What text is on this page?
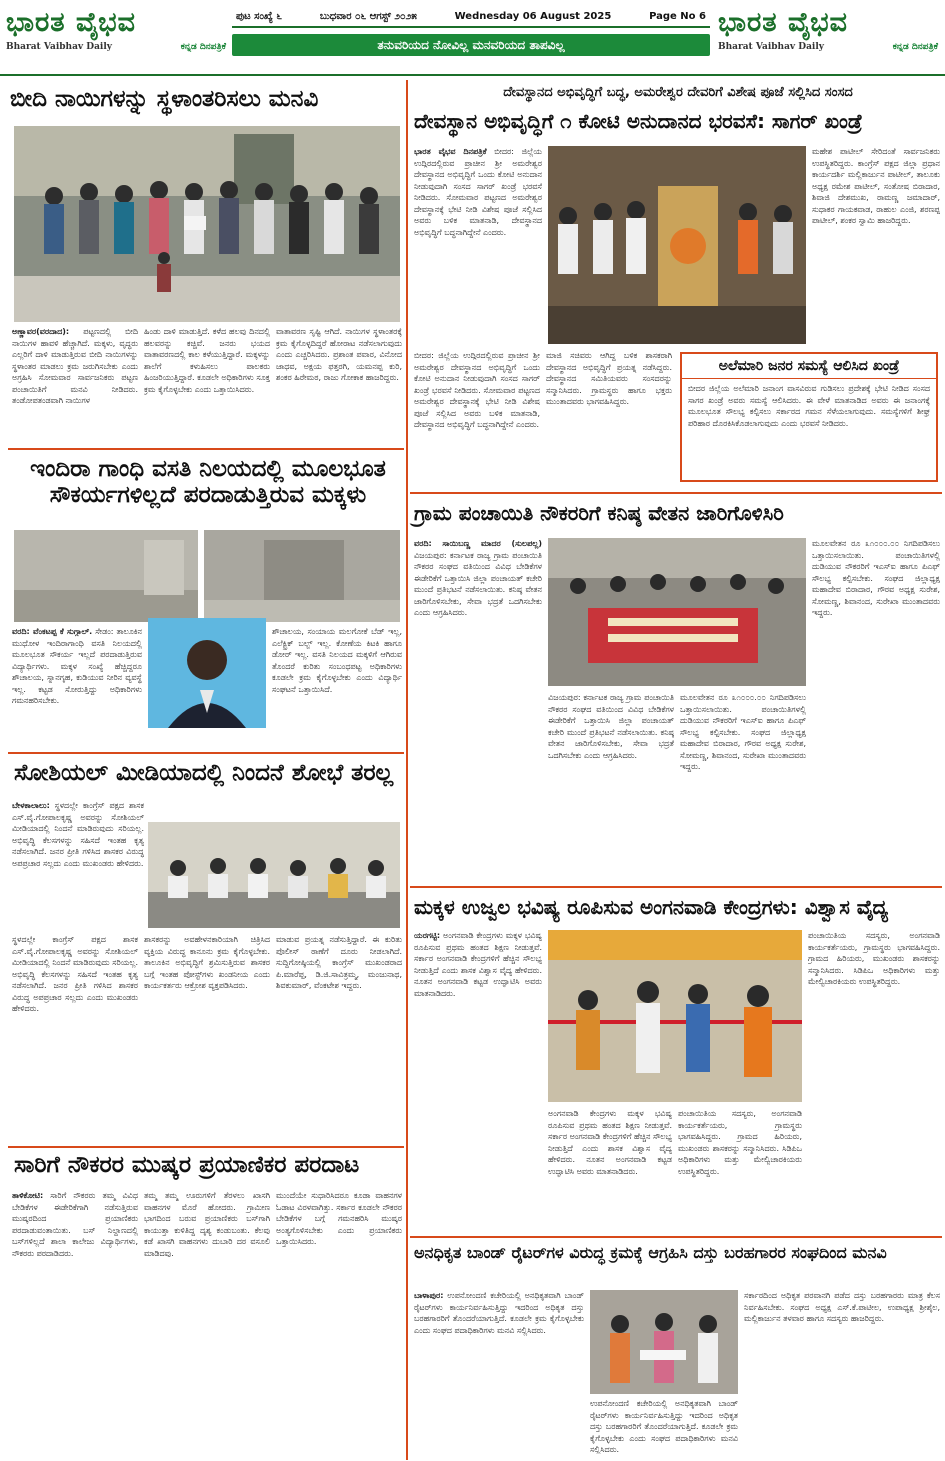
ಭಾರತ ವೈಭವ
Bharat Vaibhav Daily	ಕನ್ನಡ ದಿನಪತ್ರಿಕೆ
ಪುಟ ಸಂಖ್ಯೆ ೬	ಬುಧವಾರ ೦೬ ಆಗಸ್ಟ್ ೨೦೨೫	Wednesday 06 August 2025	Page No 6
ತನುವರಿಯದ ನೋವಿಲ್ಲ ಮನವರಿಯದ ತಾಪವಿಲ್ಲ
ಭಾರತ ವೈಭವ
Bharat Vaibhav Daily	ಕನ್ನಡ ದಿನಪತ್ರಿಕೆ
ಬೀದಿ ನಾಯಿಗಳನ್ನು ಸ್ಥಳಾಂತರಿಸಲು ಮನವಿ

ಅಣ್ಣಾವರ(ವರದಾದ): ಪಟ್ಟಣದಲ್ಲಿ ಬೀದಿ ನಾಯಿಗಳ ಹಾವಳಿ ಹೆಚ್ಚಾಗಿದೆ. ಮಕ್ಕಳು, ವೃದ್ಧರು ಎಲ್ಲರಿಗೆ ದಾಳಿ ಮಾಡುತ್ತಿರುವ ಬೀದಿ ನಾಯಿಗಳನ್ನು ಸ್ಥಳಾಂತರ ಮಾಡಲು ಕ್ರಮ ಜರುಗಿಸಬೇಕು ಎಂದು ಅಗ್ರಹಿಸಿ ಸೋಮವಾರ ಸಾರ್ವಜನಿಕರು ಪಟ್ಟಣ ಪಂಚಾಯಿತಿಗೆ ಮನವಿ ನೀಡಿದರು. ತಂಡೋಪತಂಡವಾಗಿ ನಾಯಿಗಳ

ಹಿಂಡು ದಾಳಿ ಮಾಡುತ್ತಿದೆ. ಕಳೆದ ಹಲವು ದಿನದಲ್ಲಿ ಹಲವರನ್ನು ಕಚ್ಚಿವೆ. ಜನರು ಭಯದ ವಾತಾವರಣದಲ್ಲಿ ಕಾಲ ಕಳೆಯುತ್ತಿದ್ದಾರೆ. ಮಕ್ಕಳನ್ನು ಶಾಲೆಗೆ ಕಳುಹಿಸಲು ಪಾಲಕರು ಹಿಂಜರಿಯುತ್ತಿದ್ದಾರೆ. ಕೂಡಲೇ ಅಧಿಕಾರಿಗಳು ಸೂಕ್ತ ಕ್ರಮ ಕೈಗೊಳ್ಳಬೇಕು ಎಂದು ಒತ್ತಾಯಿಸಿದರು.
ವಾತಾವರಣ ಸೃಷ್ಟಿ ಆಗಿದೆ. ನಾಯಿಗಳ ಸ್ಥಳಾಂತರಕ್ಕೆ ಕ್ರಮ ಕೈಗೊಳ್ಳದಿದ್ದರೆ ಹೋರಾಟ ನಡೆಸಲಾಗುವುದು ಎಂದು ಎಚ್ಚರಿಸಿದರು. ಪ್ರಶಾಂತ ಪವಾರ, ವಿನೋದ ಜಾಧವ, ಅಕ್ಷಯ ಫತ್ತರಗಿ, ಯಮನಪ್ಪ ಕುರಿ, ಶಂಕರ ಹಿರೇಮಠ, ರಾಜು ಗೋಕಾಕ ಹಾಜರಿದ್ದರು.
ಇಂದಿರಾ ಗಾಂಧಿ ವಸತಿ ನಿಲಯದಲ್ಲಿ ಮೂಲಭೂತ ಸೌಕರ್ಯಗಳಿಲ್ಲದೆ ಪರದಾಡುತ್ತಿರುವ ಮಕ್ಕಳು

ವರದಿ: ವೆಂಕಟಪ್ಪ ಕೆ ಸುಗ್ಗಾಲ್. ಸೇಡಂ: ತಾಲೂಕಿನ ಮುಧೋಳ ಇಂದಿರಾಗಾಂಧಿ ವಸತಿ ನಿಲಯದಲ್ಲಿ ಮೂಲಭೂತ ಸೌಕರ್ಯ ಇಲ್ಲದೆ ಪರದಾಡುತ್ತಿರುವ ವಿದ್ಯಾರ್ಥಿಗಳು. ಮಕ್ಕಳ ಸಂಖ್ಯೆ ಹೆಚ್ಚಿದ್ದರೂ ಶೌಚಾಲಯ, ಸ್ನಾನಗೃಹ, ಕುಡಿಯುವ ನೀರಿನ ವ್ಯವಸ್ಥೆ ಇಲ್ಲ. ಕಟ್ಟಡ ಸೋರುತ್ತಿದ್ದು ಅಧಿಕಾರಿಗಳು ಗಮನಹರಿಸಬೇಕು.

ಶೌಚಾಲಯ, ಸಂಯಾಯ ಮಲಗೋಕೆ ಬೆಡ್ ಇಲ್ಲ, ಎಲೆಕ್ಟ್ರಿಕ್ ಬಲ್ಬ್ ಇಲ್ಲ. ಕೋಣೆಯ ಕಿಟಕಿ ಹಾಗೂ ಡೋರ್ ಇಲ್ಲ. ವಸತಿ ನಿಲಯದ ಮಕ್ಕಳಿಗೆ ಆಗಿರುವ ತೊಂದರೆ ಕುರಿತು ಸಂಬಂಧಪಟ್ಟ ಅಧಿಕಾರಿಗಳು ಕೂಡಲೇ ಕ್ರಮ ಕೈಗೊಳ್ಳಬೇಕು ಎಂದು ವಿದ್ಯಾರ್ಥಿ ಸಂಘಟನೆ ಒತ್ತಾಯಿಸಿದೆ.
ಸೋಶಿಯಲ್ ಮೀಡಿಯಾದಲ್ಲಿ ನಿಂದನೆ ಶೋಭೆ ತರಲ್ಲ

ಬೇಳಕಾಲಾಲು: ಸ್ಥಳದಲ್ಲೇ ಕಾಂಗ್ರೆಸ್ ಪಕ್ಷದ ಶಾಸಕ ಎಸ್.ವೈ.ಗೋಪಾಲಕೃಷ್ಣ ಅವರನ್ನು ಸೋಶಿಯಲ್ ಮೀಡಿಯಾದಲ್ಲಿ ನಿಂದನೆ ಮಾಡಿರುವುದು ಸರಿಯಲ್ಲ. ಅಭಿವೃದ್ಧಿ ಕೆಲಸಗಳನ್ನು ಸಹಿಸದೆ ಇಂತಹ ಕೃತ್ಯ ನಡೆಸಲಾಗಿದೆ. ಜನರ ಪ್ರೀತಿ ಗಳಿಸಿದ ಶಾಸಕರ ವಿರುದ್ಧ ಅಪಪ್ರಚಾರ ಸಲ್ಲದು ಎಂದು ಮುಖಂಡರು ಹೇಳಿದರು.

ಸ್ಥಳದಲ್ಲೇ ಕಾಂಗ್ರೆಸ್ ಪಕ್ಷದ ಶಾಸಕ ಎಸ್.ವೈ.ಗೋಪಾಲಕೃಷ್ಣ ಅವರನ್ನು ಸೋಶಿಯಲ್ ಮೀಡಿಯಾದಲ್ಲಿ ನಿಂದನೆ ಮಾಡಿರುವುದು ಸರಿಯಲ್ಲ. ಅಭಿವೃದ್ಧಿ ಕೆಲಸಗಳನ್ನು ಸಹಿಸದೆ ಇಂತಹ ಕೃತ್ಯ ನಡೆಸಲಾಗಿದೆ. ಜನರ ಪ್ರೀತಿ ಗಳಿಸಿದ ಶಾಸಕರ ವಿರುದ್ಧ ಅಪಪ್ರಚಾರ ಸಲ್ಲದು ಎಂದು ಮುಖಂಡರು ಹೇಳಿದರು.
ಶಾಸಕರನ್ನು ಅವಹೇಳನಕಾರಿಯಾಗಿ ಚಿತ್ರಿಸಿದ ವ್ಯಕ್ತಿಯ ವಿರುದ್ಧ ಕಾನೂನು ಕ್ರಮ ಕೈಗೊಳ್ಳಬೇಕು. ತಾಲೂಕಿನ ಅಭಿವೃದ್ಧಿಗೆ ಶ್ರಮಿಸುತ್ತಿರುವ ಶಾಸಕರ ಬಗ್ಗೆ ಇಂತಹ ಪೋಸ್ಟ್‌ಗಳು ಖಂಡನೀಯ ಎಂದು ಕಾರ್ಯಕರ್ತರು ಆಕ್ರೋಶ ವ್ಯಕ್ತಪಡಿಸಿದರು.
ಮಾಡುವ ಪ್ರಯತ್ನ ನಡೆಸುತ್ತಿದ್ದಾರೆ. ಈ ಕುರಿತು ಪೊಲೀಸ್ ಠಾಣೆಗೆ ದೂರು ನೀಡಲಾಗಿದೆ. ಸುದ್ದಿಗೋಷ್ಠಿಯಲ್ಲಿ ಕಾಂಗ್ರೆಸ್ ಮುಖಂಡರಾದ ಪಿ.ಮಾರೆಪ್ಪ, ಡಿ.ಜಿ.ಸಾವಿತ್ರಮ್ಮ, ಮಂಜುನಾಥ, ಶಿವಕುಮಾರ್, ವೆಂಕಟೇಶ ಇದ್ದರು.
ಸಾರಿಗೆ ನೌಕರರ ಮುಷ್ಕರ ಪ್ರಯಾಣಿಕರ ಪರದಾಟ

ತಾಳಿಕೋಟಿ: ಸಾರಿಗೆ ನೌಕರರು ತಮ್ಮ ವಿವಿಧ ಬೇಡಿಕೆಗಳ ಈಡೇರಿಕೆಗಾಗಿ ನಡೆಸುತ್ತಿರುವ ಮುಷ್ಕರದಿಂದ ಪ್ರಯಾಣಿಕರು ಪರದಾಡುವಂತಾಯಿತು. ಬಸ್ ನಿಲ್ದಾಣದಲ್ಲಿ ಬಸ್‌ಗಳಿಲ್ಲದೆ ಶಾಲಾ ಕಾಲೇಜು ವಿದ್ಯಾರ್ಥಿಗಳು, ನೌಕರರು ಪರದಾಡಿದರು.

ತಮ್ಮ ತಮ್ಮ ಊರುಗಳಿಗೆ ತೆರಳಲು ಖಾಸಗಿ ವಾಹನಗಳ ಮೊರೆ ಹೋದರು. ಗ್ರಾಮೀಣ ಭಾಗದಿಂದ ಬರುವ ಪ್ರಯಾಣಿಕರು ಬಸ್‌ಗಾಗಿ ಕಾಯುತ್ತಾ ಕುಳಿತಿದ್ದ ದೃಶ್ಯ ಕಂಡುಬಂತು. ಕೆಲವು ಕಡೆ ಖಾಸಗಿ ವಾಹನಗಳು ದುಬಾರಿ ದರ ವಸೂಲಿ ಮಾಡಿದವು.
ಮುಂದೆಯೇ ಸುಧಾರಿಸಿದರೂ ಕೂಡಾ ವಾಹನಗಳ ಓಡಾಟ ವಿರಳವಾಗಿತ್ತು. ಸರ್ಕಾರ ಕೂಡಲೇ ನೌಕರರ ಬೇಡಿಕೆಗಳ ಬಗ್ಗೆ ಗಮನಹರಿಸಿ ಮುಷ್ಕರ ಅಂತ್ಯಗೊಳಿಸಬೇಕು ಎಂದು ಪ್ರಯಾಣಿಕರು ಒತ್ತಾಯಿಸಿದರು.
ದೇವಸ್ಥಾನದ ಅಭಿವೃದ್ಧಿಗೆ ಬದ್ಧ, ಅಮರೇಶ್ವರ ದೇವರಿಗೆ ವಿಶೇಷ ಪೂಜೆ ಸಲ್ಲಿಸಿದ ಸಂಸದ
ದೇವಸ್ಥಾನ ಅಭಿವೃದ್ಧಿಗೆ ೧ ಕೋಟಿ ಅನುದಾನದ ಭರವಸೆ: ಸಾಗರ್ ಖಂಡ್ರೆ

ಭಾರತ ವೈಭವ ದಿನಪತ್ರಿಕೆ ಬೀದರ: ಜಿಲ್ಲೆಯ ಉದ್ಗಿರದಲ್ಲಿರುವ ಪ್ರಾಚೀನ ಶ್ರೀ ಅಮರೇಶ್ವರ ದೇವಸ್ಥಾನದ ಅಭಿವೃದ್ಧಿಗೆ ಒಂದು ಕೋಟಿ ಅನುದಾನ ನೀಡುವುದಾಗಿ ಸಂಸದ ಸಾಗರ್ ಖಂಡ್ರೆ ಭರವಸೆ ನೀಡಿದರು. ಸೋಮವಾರ ಪಟ್ಟಣದ ಅಮರೇಶ್ವರ ದೇವಸ್ಥಾನಕ್ಕೆ ಭೇಟಿ ನೀಡಿ ವಿಶೇಷ ಪೂಜೆ ಸಲ್ಲಿಸಿದ ಅವರು ಬಳಿಕ ಮಾತನಾಡಿ, ದೇವಸ್ಥಾನದ ಅಭಿವೃದ್ಧಿಗೆ ಬದ್ಧನಾಗಿದ್ದೇನೆ ಎಂದರು.

ಮಹೇಶ ಪಾಟೀಲ್ ಸೇರಿದಂತೆ ಸಾರ್ವಜನಿಕರು ಉಪಸ್ಥಿತರಿದ್ದರು. ಕಾಂಗ್ರೆಸ್ ಪಕ್ಷದ ಜಿಲ್ಲಾ ಪ್ರಧಾನ ಕಾರ್ಯದರ್ಶಿ ಮಲ್ಲಿಕಾರ್ಜುನ ಪಾಟೀಲ್, ತಾಲೂಕು ಅಧ್ಯಕ್ಷ ರಮೇಶ ಪಾಟೀಲ್, ಸಂತೋಷ ಬಿರಾದಾರ, ಶಿವಾಜಿ ದೇಶಮುಖ, ರಾಮಣ್ಣ ಜಮಾದಾರ್, ಸುಧಾಕರ ಗಾಯಕವಾಡ, ರಾಹುಲ ಎಂಜಿ, ಶರಣಪ್ಪ ಪಾಟೀಲ್, ಶಂಕರ ಸ್ವಾಮಿ ಹಾಜರಿದ್ದರು.
ಬೀದರ: ಜಿಲ್ಲೆಯ ಉದ್ಗಿರದಲ್ಲಿರುವ ಪ್ರಾಚೀನ ಶ್ರೀ ಅಮರೇಶ್ವರ ದೇವಸ್ಥಾನದ ಅಭಿವೃದ್ಧಿಗೆ ಒಂದು ಕೋಟಿ ಅನುದಾನ ನೀಡುವುದಾಗಿ ಸಂಸದ ಸಾಗರ್ ಖಂಡ್ರೆ ಭರವಸೆ ನೀಡಿದರು. ಸೋಮವಾರ ಪಟ್ಟಣದ ಅಮರೇಶ್ವರ ದೇವಸ್ಥಾನಕ್ಕೆ ಭೇಟಿ ನೀಡಿ ವಿಶೇಷ ಪೂಜೆ ಸಲ್ಲಿಸಿದ ಅವರು ಬಳಿಕ ಮಾತನಾಡಿ, ದೇವಸ್ಥಾನದ ಅಭಿವೃದ್ಧಿಗೆ ಬದ್ಧನಾಗಿದ್ದೇನೆ ಎಂದರು.
ಮಾಜಿ ಸಚಿವರು ಆಗಿದ್ದ ಬಳಿಕ ಶಾಸಕರಾಗಿ ದೇವಸ್ಥಾನದ ಅಭಿವೃದ್ಧಿಗೆ ಪ್ರಯತ್ನ ನಡೆಸಿದ್ದರು. ದೇವಸ್ಥಾನದ ಸಮಿತಿಯವರು ಸಂಸದರನ್ನು ಸನ್ಮಾನಿಸಿದರು. ಗ್ರಾಮಸ್ಥರು ಹಾಗೂ ಭಕ್ತರು ಮುಂತಾದವರು ಭಾಗವಹಿಸಿದ್ದರು.
ಅಲೆಮಾರಿ ಜನರ ಸಮಸ್ಯೆ ಆಲಿಸಿದ ಖಂಡ್ರೆ
ಬೀದರ ಜಿಲ್ಲೆಯ ಅಲೆಮಾರಿ ಜನಾಂಗ ವಾಸವಿರುವ ಗುಡಿಸಲು ಪ್ರದೇಶಕ್ಕೆ ಭೇಟಿ ನೀಡಿದ ಸಂಸದ ಸಾಗರ ಖಂಡ್ರೆ ಅವರು ಸಮಸ್ಯೆ ಆಲಿಸಿದರು. ಈ ವೇಳೆ ಮಾತನಾಡಿದ ಅವರು ಈ ಜನಾಂಗಕ್ಕೆ ಮೂಲಭೂತ ಸೌಲಭ್ಯ ಕಲ್ಪಿಸಲು ಸರ್ಕಾರದ ಗಮನ ಸೆಳೆಯಲಾಗುವುದು. ಸಮಸ್ಯೆಗಳಿಗೆ ಶೀಘ್ರ ಪರಿಹಾರ ದೊರಕಿಸಿಕೊಡಲಾಗುವುದು ಎಂದು ಭರವಸೆ ನೀಡಿದರು.
ಗ್ರಾಮ ಪಂಚಾಯಿತಿ ನೌಕರರಿಗೆ ಕನಿಷ್ಠ ವೇತನ ಜಾರಿಗೊಳಿಸಿರಿ

ವರದಿ: ಸಾಯಿಬಣ್ಣ ಮಾದರ (ಸುಲಪಲ್ಲ) ವಿಜಯಪುರ: ಕರ್ನಾಟಕ ರಾಜ್ಯ ಗ್ರಾಮ ಪಂಚಾಯಿತಿ ನೌಕರರ ಸಂಘದ ವತಿಯಿಂದ ವಿವಿಧ ಬೇಡಿಕೆಗಳ ಈಡೇರಿಕೆಗೆ ಒತ್ತಾಯಿಸಿ ಜಿಲ್ಲಾ ಪಂಚಾಯತ್ ಕಚೇರಿ ಮುಂದೆ ಪ್ರತಿಭಟನೆ ನಡೆಸಲಾಯಿತು. ಕನಿಷ್ಠ ವೇತನ ಜಾರಿಗೊಳಿಸಬೇಕು, ಸೇವಾ ಭದ್ರತೆ ಒದಗಿಸಬೇಕು ಎಂದು ಆಗ್ರಹಿಸಿದರು.

ಮೂಲವೇತನ ರೂ ೩೧೦೦೦.೦೦ ನಿಗದಿಪಡಿಸಲು ಒತ್ತಾಯಿಸಲಾಯಿತು. ಪಂಚಾಯಿತಿಗಳಲ್ಲಿ ದುಡಿಯುವ ನೌಕರರಿಗೆ ಇಎಸ್ಐ ಹಾಗೂ ಪಿಎಫ್ ಸೌಲಭ್ಯ ಕಲ್ಪಿಸಬೇಕು. ಸಂಘದ ಜಿಲ್ಲಾಧ್ಯಕ್ಷ ಮಹಾದೇವ ಬಿರಾದಾರ, ಗೌರವ ಅಧ್ಯಕ್ಷ ಸುರೇಶ, ಸೋಮಣ್ಣ, ಶಿವಾನಂದ, ಸುರೇಖಾ ಮುಂತಾದವರು ಇದ್ದರು.
ವಿಜಯಪುರ: ಕರ್ನಾಟಕ ರಾಜ್ಯ ಗ್ರಾಮ ಪಂಚಾಯಿತಿ ನೌಕರರ ಸಂಘದ ವತಿಯಿಂದ ವಿವಿಧ ಬೇಡಿಕೆಗಳ ಈಡೇರಿಕೆಗೆ ಒತ್ತಾಯಿಸಿ ಜಿಲ್ಲಾ ಪಂಚಾಯತ್ ಕಚೇರಿ ಮುಂದೆ ಪ್ರತಿಭಟನೆ ನಡೆಸಲಾಯಿತು. ಕನಿಷ್ಠ ವೇತನ ಜಾರಿಗೊಳಿಸಬೇಕು, ಸೇವಾ ಭದ್ರತೆ ಒದಗಿಸಬೇಕು ಎಂದು ಆಗ್ರಹಿಸಿದರು.
ಮೂಲವೇತನ ರೂ ೩೧೦೦೦.೦೦ ನಿಗದಿಪಡಿಸಲು ಒತ್ತಾಯಿಸಲಾಯಿತು. ಪಂಚಾಯಿತಿಗಳಲ್ಲಿ ದುಡಿಯುವ ನೌಕರರಿಗೆ ಇಎಸ್ಐ ಹಾಗೂ ಪಿಎಫ್ ಸೌಲಭ್ಯ ಕಲ್ಪಿಸಬೇಕು. ಸಂಘದ ಜಿಲ್ಲಾಧ್ಯಕ್ಷ ಮಹಾದೇವ ಬಿರಾದಾರ, ಗೌರವ ಅಧ್ಯಕ್ಷ ಸುರೇಶ, ಸೋಮಣ್ಣ, ಶಿವಾನಂದ, ಸುರೇಖಾ ಮುಂತಾದವರು ಇದ್ದರು.
ಮಕ್ಕಳ ಉಜ್ವಲ ಭವಿಷ್ಯ ರೂಪಿಸುವ ಅಂಗನವಾಡಿ ಕೇಂದ್ರಗಳು: ವಿಶ್ವಾಸ ವೈದ್ಯ

ಯರಗಟ್ಟಿ: ಅಂಗನವಾಡಿ ಕೇಂದ್ರಗಳು ಮಕ್ಕಳ ಭವಿಷ್ಯ ರೂಪಿಸುವ ಪ್ರಥಮ ಹಂತದ ಶಿಕ್ಷಣ ನೀಡುತ್ತವೆ. ಸರ್ಕಾರ ಅಂಗನವಾಡಿ ಕೇಂದ್ರಗಳಿಗೆ ಹೆಚ್ಚಿನ ಸೌಲಭ್ಯ ನೀಡುತ್ತಿದೆ ಎಂದು ಶಾಸಕ ವಿಶ್ವಾಸ ವೈದ್ಯ ಹೇಳಿದರು. ನೂತನ ಅಂಗನವಾಡಿ ಕಟ್ಟಡ ಉದ್ಘಾಟಿಸಿ ಅವರು ಮಾತನಾಡಿದರು.

ಪಂಚಾಯಿತಿಯ ಸದಸ್ಯರು, ಅಂಗನವಾಡಿ ಕಾರ್ಯಕರ್ತೆಯರು, ಗ್ರಾಮಸ್ಥರು ಭಾಗವಹಿಸಿದ್ದರು. ಗ್ರಾಮದ ಹಿರಿಯರು, ಮುಖಂಡರು ಶಾಸಕರನ್ನು ಸನ್ಮಾನಿಸಿದರು. ಸಿಡಿಪಿಒ ಅಧಿಕಾರಿಗಳು ಮತ್ತು ಮೇಲ್ವಿಚಾರಕಿಯರು ಉಪಸ್ಥಿತರಿದ್ದರು.
ಅಂಗನವಾಡಿ ಕೇಂದ್ರಗಳು ಮಕ್ಕಳ ಭವಿಷ್ಯ ರೂಪಿಸುವ ಪ್ರಥಮ ಹಂತದ ಶಿಕ್ಷಣ ನೀಡುತ್ತವೆ. ಸರ್ಕಾರ ಅಂಗನವಾಡಿ ಕೇಂದ್ರಗಳಿಗೆ ಹೆಚ್ಚಿನ ಸೌಲಭ್ಯ ನೀಡುತ್ತಿದೆ ಎಂದು ಶಾಸಕ ವಿಶ್ವಾಸ ವೈದ್ಯ ಹೇಳಿದರು. ನೂತನ ಅಂಗನವಾಡಿ ಕಟ್ಟಡ ಉದ್ಘಾಟಿಸಿ ಅವರು ಮಾತನಾಡಿದರು.
ಪಂಚಾಯಿತಿಯ ಸದಸ್ಯರು, ಅಂಗನವಾಡಿ ಕಾರ್ಯಕರ್ತೆಯರು, ಗ್ರಾಮಸ್ಥರು ಭಾಗವಹಿಸಿದ್ದರು. ಗ್ರಾಮದ ಹಿರಿಯರು, ಮುಖಂಡರು ಶಾಸಕರನ್ನು ಸನ್ಮಾನಿಸಿದರು. ಸಿಡಿಪಿಒ ಅಧಿಕಾರಿಗಳು ಮತ್ತು ಮೇಲ್ವಿಚಾರಕಿಯರು ಉಪಸ್ಥಿತರಿದ್ದರು.
ಅನಧಿಕೃತ ಬಾಂಡ್ ರೈಟರ್‌ಗಳ ವಿರುದ್ಧ ಕ್ರಮಕ್ಕೆ ಆಗ್ರಹಿಸಿ ದಸ್ತು ಬರಹಗಾರರ ಸಂಘದಿಂದ ಮನವಿ

ಬಾಳಾಪುರ: ಉಪನೋಂದಣಿ ಕಚೇರಿಯಲ್ಲಿ ಅನಧಿಕೃತವಾಗಿ ಬಾಂಡ್ ರೈಟರ್‌ಗಳು ಕಾರ್ಯನಿರ್ವಹಿಸುತ್ತಿದ್ದು ಇದರಿಂದ ಅಧಿಕೃತ ದಸ್ತು ಬರಹಗಾರರಿಗೆ ತೊಂದರೆಯಾಗುತ್ತಿದೆ. ಕೂಡಲೇ ಕ್ರಮ ಕೈಗೊಳ್ಳಬೇಕು ಎಂದು ಸಂಘದ ಪದಾಧಿಕಾರಿಗಳು ಮನವಿ ಸಲ್ಲಿಸಿದರು.

ಸರ್ಕಾರದಿಂದ ಅಧಿಕೃತ ಪರವಾನಗಿ ಪಡೆದ ದಸ್ತು ಬರಹಗಾರರು ಮಾತ್ರ ಕೆಲಸ ನಿರ್ವಹಿಸಬೇಕು. ಸಂಘದ ಅಧ್ಯಕ್ಷ ಎಸ್.ಕೆ.ಪಾಟೀಲ, ಉಪಾಧ್ಯಕ್ಷ ಶ್ರೀಶೈಲ, ಮಲ್ಲಿಕಾರ್ಜುನ ತಳವಾರ ಹಾಗೂ ಸದಸ್ಯರು ಹಾಜರಿದ್ದರು.
ಉಪನೋಂದಣಿ ಕಚೇರಿಯಲ್ಲಿ ಅನಧಿಕೃತವಾಗಿ ಬಾಂಡ್ ರೈಟರ್‌ಗಳು ಕಾರ್ಯನಿರ್ವಹಿಸುತ್ತಿದ್ದು ಇದರಿಂದ ಅಧಿಕೃತ ದಸ್ತು ಬರಹಗಾರರಿಗೆ ತೊಂದರೆಯಾಗುತ್ತಿದೆ. ಕೂಡಲೇ ಕ್ರಮ ಕೈಗೊಳ್ಳಬೇಕು ಎಂದು ಸಂಘದ ಪದಾಧಿಕಾರಿಗಳು ಮನವಿ ಸಲ್ಲಿಸಿದರು.
